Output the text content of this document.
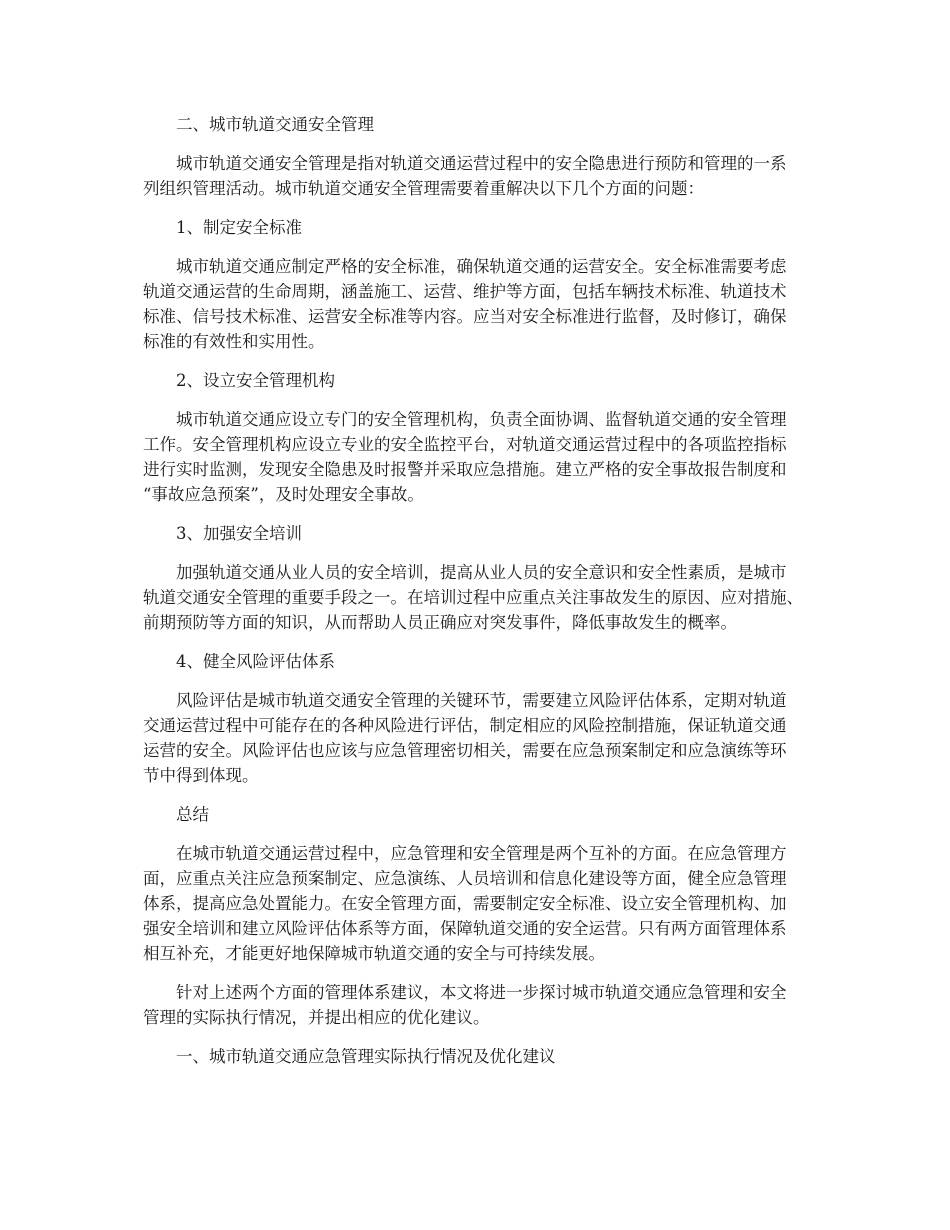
二、城市轨道交通安全管理
城市轨道交通安全管理是指对轨道交通运营过程中的安全隐患进行预防和管理的一系
列组织管理活动。城市轨道交通安全管理需要着重解决以下几个方面的问题：
1、制定安全标准
城市轨道交通应制定严格的安全标准，确保轨道交通的运营安全。安全标准需要考虑
轨道交通运营的生命周期，涵盖施工、运营、维护等方面，包括车辆技术标准、轨道技术
标准、信号技术标准、运营安全标准等内容。应当对安全标准进行监督，及时修订，确保
标准的有效性和实用性。
2、设立安全管理机构
城市轨道交通应设立专门的安全管理机构，负责全面协调、监督轨道交通的安全管理
工作。安全管理机构应设立专业的安全监控平台，对轨道交通运营过程中的各项监控指标
进行实时监测，发现安全隐患及时报警并采取应急措施。建立严格的安全事故报告制度和
“事故应急预案”，及时处理安全事故。
3、加强安全培训
加强轨道交通从业人员的安全培训，提高从业人员的安全意识和安全性素质，是城市
轨道交通安全管理的重要手段之一。在培训过程中应重点关注事故发生的原因、应对措施、
前期预防等方面的知识，从而帮助人员正确应对突发事件，降低事故发生的概率。
4、健全风险评估体系
风险评估是城市轨道交通安全管理的关键环节，需要建立风险评估体系，定期对轨道
交通运营过程中可能存在的各种风险进行评估，制定相应的风险控制措施，保证轨道交通
运营的安全。风险评估也应该与应急管理密切相关，需要在应急预案制定和应急演练等环
节中得到体现。
总结
在城市轨道交通运营过程中，应急管理和安全管理是两个互补的方面。在应急管理方
面，应重点关注应急预案制定、应急演练、人员培训和信息化建设等方面，健全应急管理
体系，提高应急处置能力。在安全管理方面，需要制定安全标准、设立安全管理机构、加
强安全培训和建立风险评估体系等方面，保障轨道交通的安全运营。只有两方面管理体系
相互补充，才能更好地保障城市轨道交通的安全与可持续发展。
针对上述两个方面的管理体系建议，本文将进一步探讨城市轨道交通应急管理和安全
管理的实际执行情况，并提出相应的优化建议。
一、城市轨道交通应急管理实际执行情况及优化建议
